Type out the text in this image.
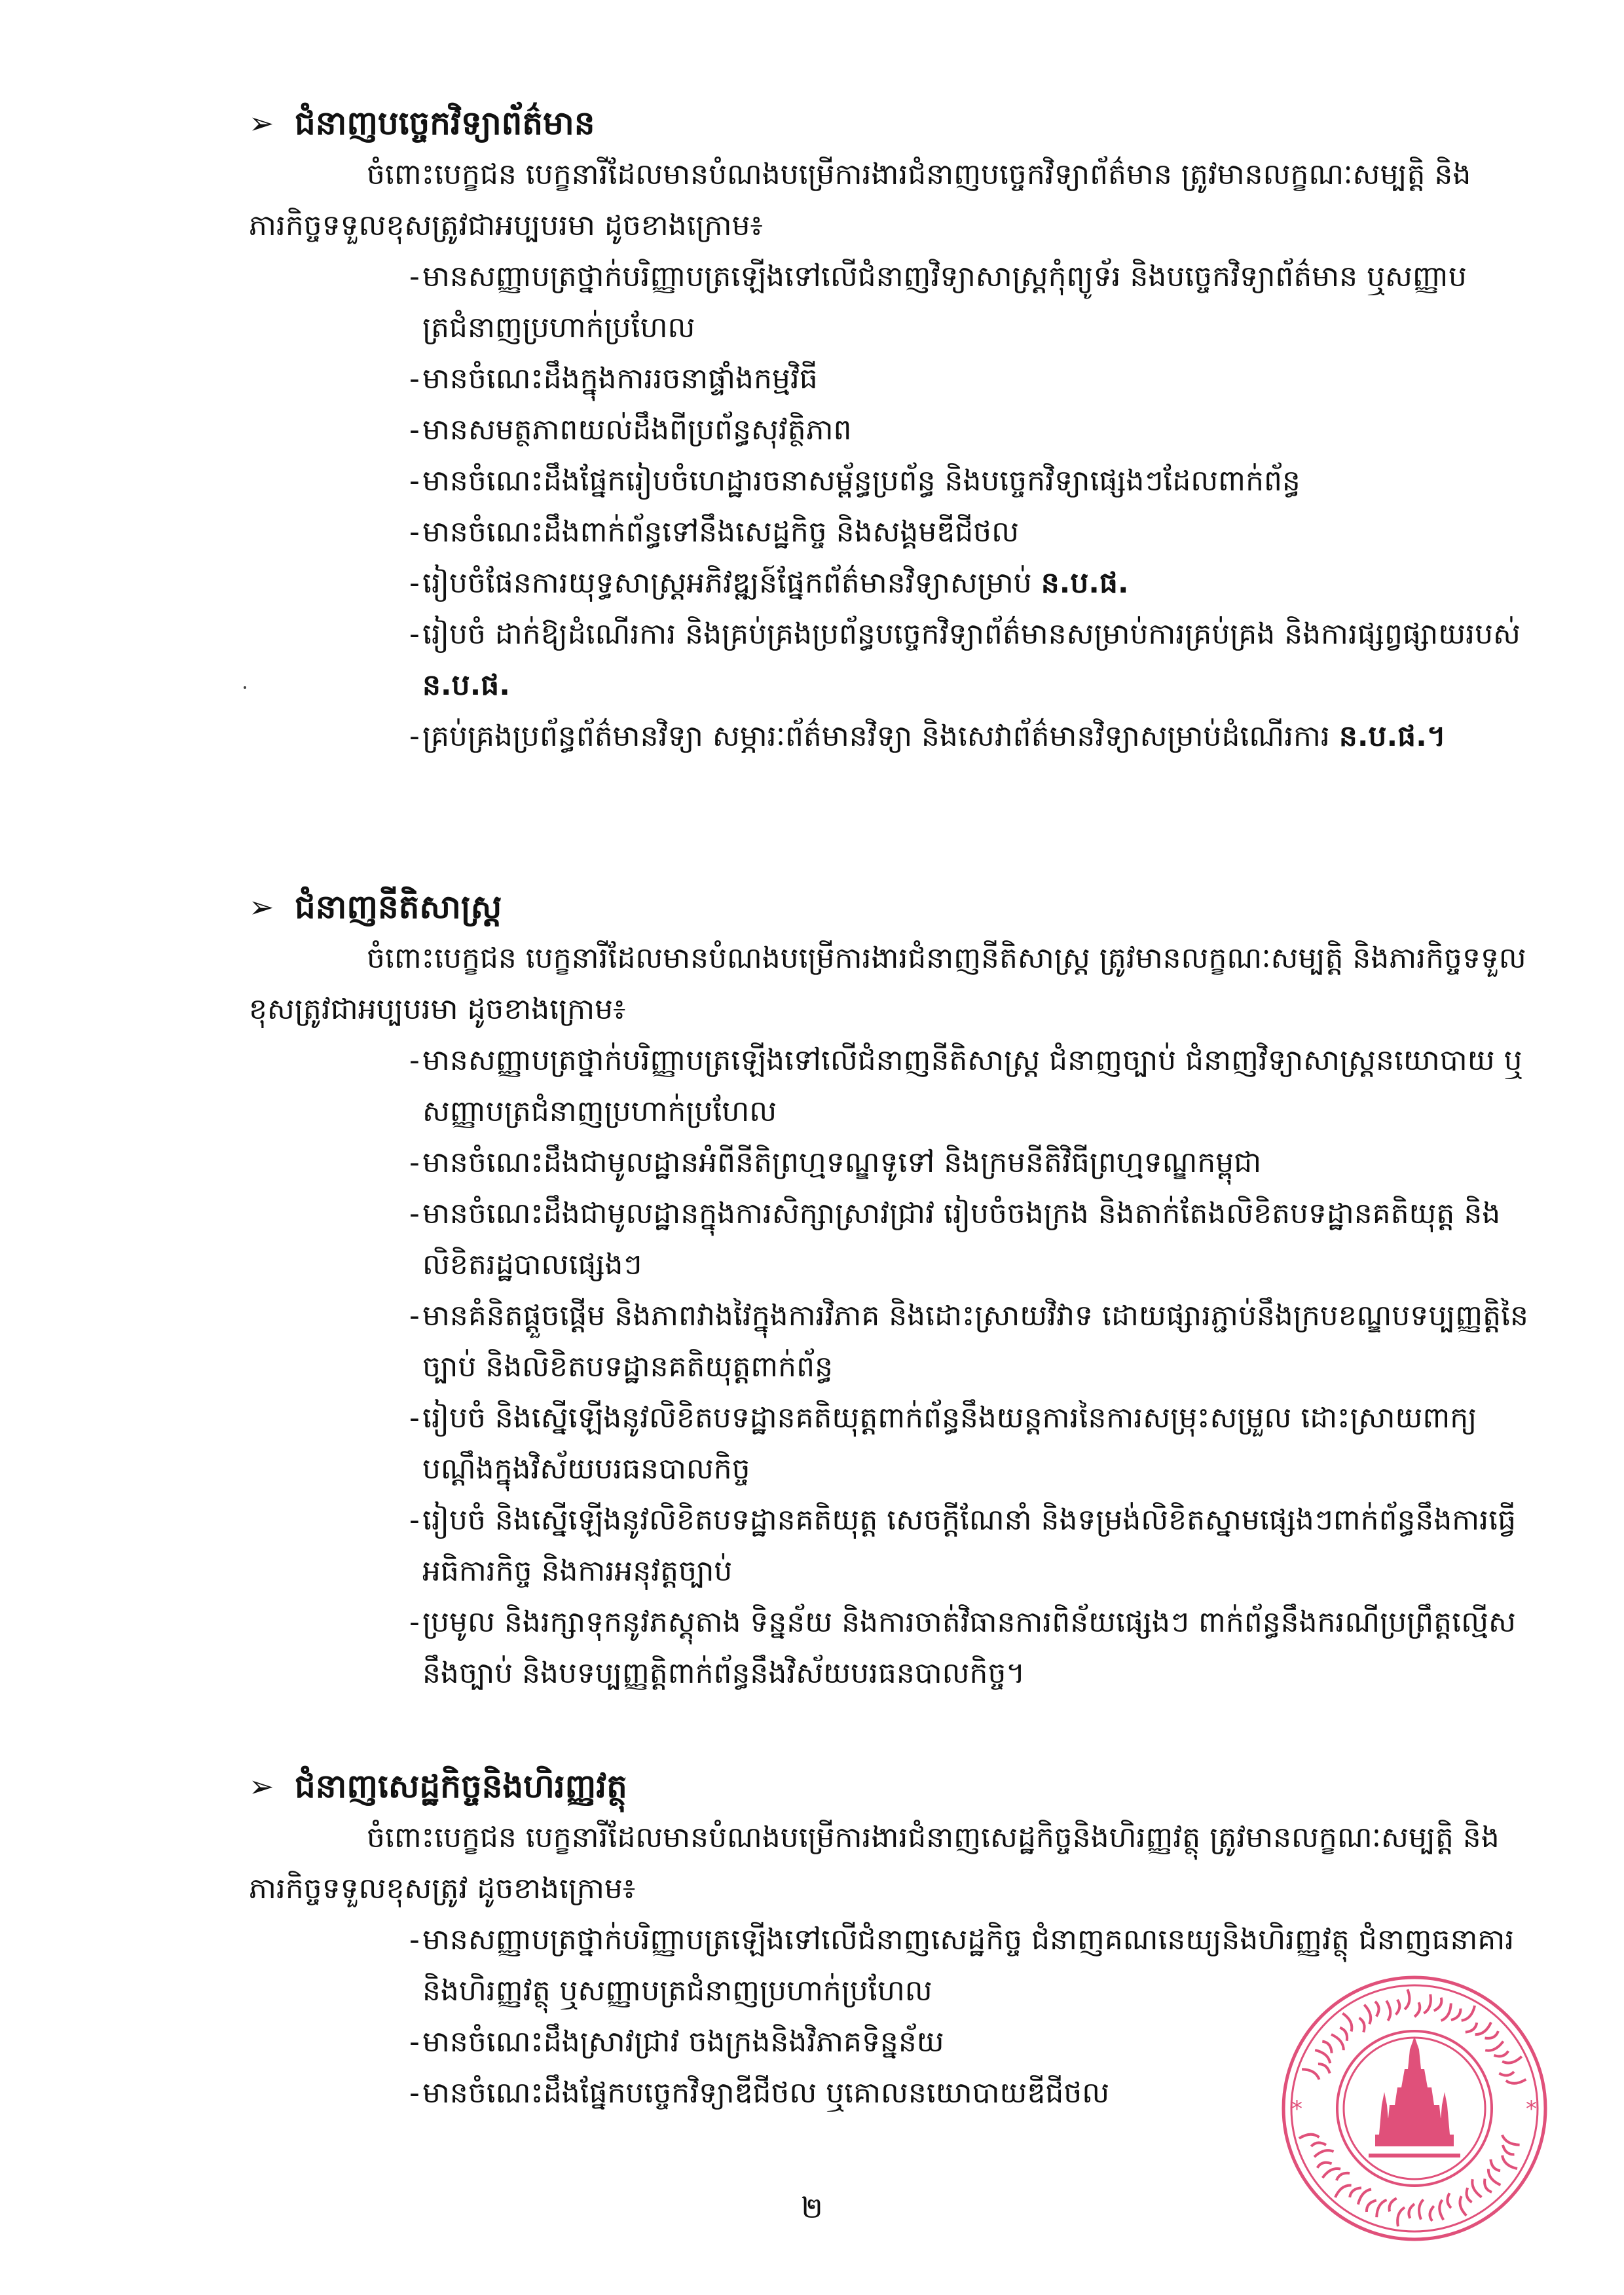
➢ ជំនាញបច្ចេកវិទ្យាព័ត៌មាន

ចំពោះបេក្ខជន បេក្ខនារីដែលមានបំណងបម្រើការងារជំនាញបច្ចេកវិទ្យាព័ត៌មាន ត្រូវមានលក្ខណៈសម្បត្តិ និងភារកិច្ចទទួលខុសត្រូវជាអប្បបរមា ដូចខាងក្រោម៖

- មានសញ្ញាបត្រថ្នាក់បរិញ្ញាបត្រឡើងទៅលើជំនាញវិទ្យាសាស្ត្រកុំព្យូទ័រ និងបច្ចេកវិទ្យាព័ត៌មាន ឬសញ្ញាបត្រជំនាញប្រហាក់ប្រហែល
- មានចំណេះដឹងក្នុងការរចនាផ្ទាំងកម្មវិធី
- មានសមត្ថភាពយល់ដឹងពីប្រព័ន្ធសុវត្ថិភាព
- មានចំណេះដឹងផ្នែករៀបចំហេដ្ឋារចនាសម្ព័ន្ធប្រព័ន្ធ និងបច្ចេកវិទ្យាផ្សេងៗដែលពាក់ព័ន្ធ
- មានចំណេះដឹងពាក់ព័ន្ធទៅនឹងសេដ្ឋកិច្ច និងសង្គមឌីជីថល
- រៀបចំផែនការយុទ្ធសាស្ត្រអភិវឌ្ឍន៍ផ្នែកព័ត៌មានវិទ្យាសម្រាប់ ន.ប.ផ.
- រៀបចំ ដាក់ឱ្យដំណើរការ និងគ្រប់គ្រងប្រព័ន្ធបច្ចេកវិទ្យាព័ត៌មានសម្រាប់ការគ្រប់គ្រង និងការផ្សព្វផ្សាយរបស់ ន.ប.ផ.
- គ្រប់គ្រងប្រព័ន្ធព័ត៌មានវិទ្យា សម្ភារៈព័ត៌មានវិទ្យា និងសេវាព័ត៌មានវិទ្យាសម្រាប់ដំណើរការ ន.ប.ផ.។
➢ ជំនាញនីតិសាស្ត្រ

ចំពោះបេក្ខជន បេក្ខនារីដែលមានបំណងបម្រើការងារជំនាញនីតិសាស្ត្រ ត្រូវមានលក្ខណៈសម្បត្តិ និងភារកិច្ចទទួលខុសត្រូវជាអប្បបរមា ដូចខាងក្រោម៖

- មានសញ្ញាបត្រថ្នាក់បរិញ្ញាបត្រឡើងទៅលើជំនាញនីតិសាស្ត្រ ជំនាញច្បាប់ ជំនាញវិទ្យាសាស្ត្រនយោបាយ ឬសញ្ញាបត្រជំនាញប្រហាក់ប្រហែល
- មានចំណេះដឹងជាមូលដ្ឋានអំពីនីតិព្រហ្មទណ្ឌទូទៅ និងក្រមនីតិវិធីព្រហ្មទណ្ឌកម្ពុជា
- មានចំណេះដឹងជាមូលដ្ឋានក្នុងការសិក្សាស្រាវជ្រាវ រៀបចំចងក្រង និងតាក់តែងលិខិតបទដ្ឋានគតិយុត្ត និងលិខិតរដ្ឋបាលផ្សេងៗ
- មានគំនិតផ្តួចផ្តើម និងភាពវាងវៃក្នុងការវិភាគ និងដោះស្រាយវិវាទ ដោយផ្សារភ្ជាប់នឹងក្របខណ្ឌបទប្បញ្ញត្តិនៃច្បាប់ និងលិខិតបទដ្ឋានគតិយុត្តពាក់ព័ន្ធ
- រៀបចំ និងស្នើឡើងនូវលិខិតបទដ្ឋានគតិយុត្តពាក់ព័ន្ធនឹងយន្តការនៃការសម្រុះសម្រួល ដោះស្រាយពាក្យបណ្តឹងក្នុងវិស័យបរធនបាលកិច្ច
- រៀបចំ និងស្នើឡើងនូវលិខិតបទដ្ឋានគតិយុត្ត សេចក្តីណែនាំ និងទម្រង់លិខិតស្នាមផ្សេងៗពាក់ព័ន្ធនឹងការធ្វើអធិការកិច្ច និងការអនុវត្តច្បាប់
- ប្រមូល និងរក្សាទុកនូវភស្តុតាង ទិន្នន័យ និងការចាត់វិធានការពិន័យផ្សេងៗ ពាក់ព័ន្ធនឹងករណីប្រព្រឹត្តល្មើសនឹងច្បាប់ និងបទប្បញ្ញត្តិពាក់ព័ន្ធនឹងវិស័យបរធនបាលកិច្ច។
➢ ជំនាញសេដ្ឋកិច្ចនិងហិរញ្ញវត្ថុ

ចំពោះបេក្ខជន បេក្ខនារីដែលមានបំណងបម្រើការងារជំនាញសេដ្ឋកិច្ចនិងហិរញ្ញវត្ថុ ត្រូវមានលក្ខណៈសម្បត្តិ និងភារកិច្ចទទួលខុសត្រូវ ដូចខាងក្រោម៖

- មានសញ្ញាបត្រថ្នាក់បរិញ្ញាបត្រឡើងទៅលើជំនាញសេដ្ឋកិច្ច ជំនាញគណនេយ្យនិងហិរញ្ញវត្ថុ ជំនាញធនាគារនិងហិរញ្ញវត្ថុ ឬសញ្ញាបត្រជំនាញប្រហាក់ប្រហែល
- មានចំណេះដឹងស្រាវជ្រាវ ចងក្រងនិងវិភាគទិន្នន័យ
- មានចំណេះដឹងផ្នែកបច្ចេកវិទ្យាឌីជីថល ឬគោលនយោបាយឌីជីថល	*	*
២
